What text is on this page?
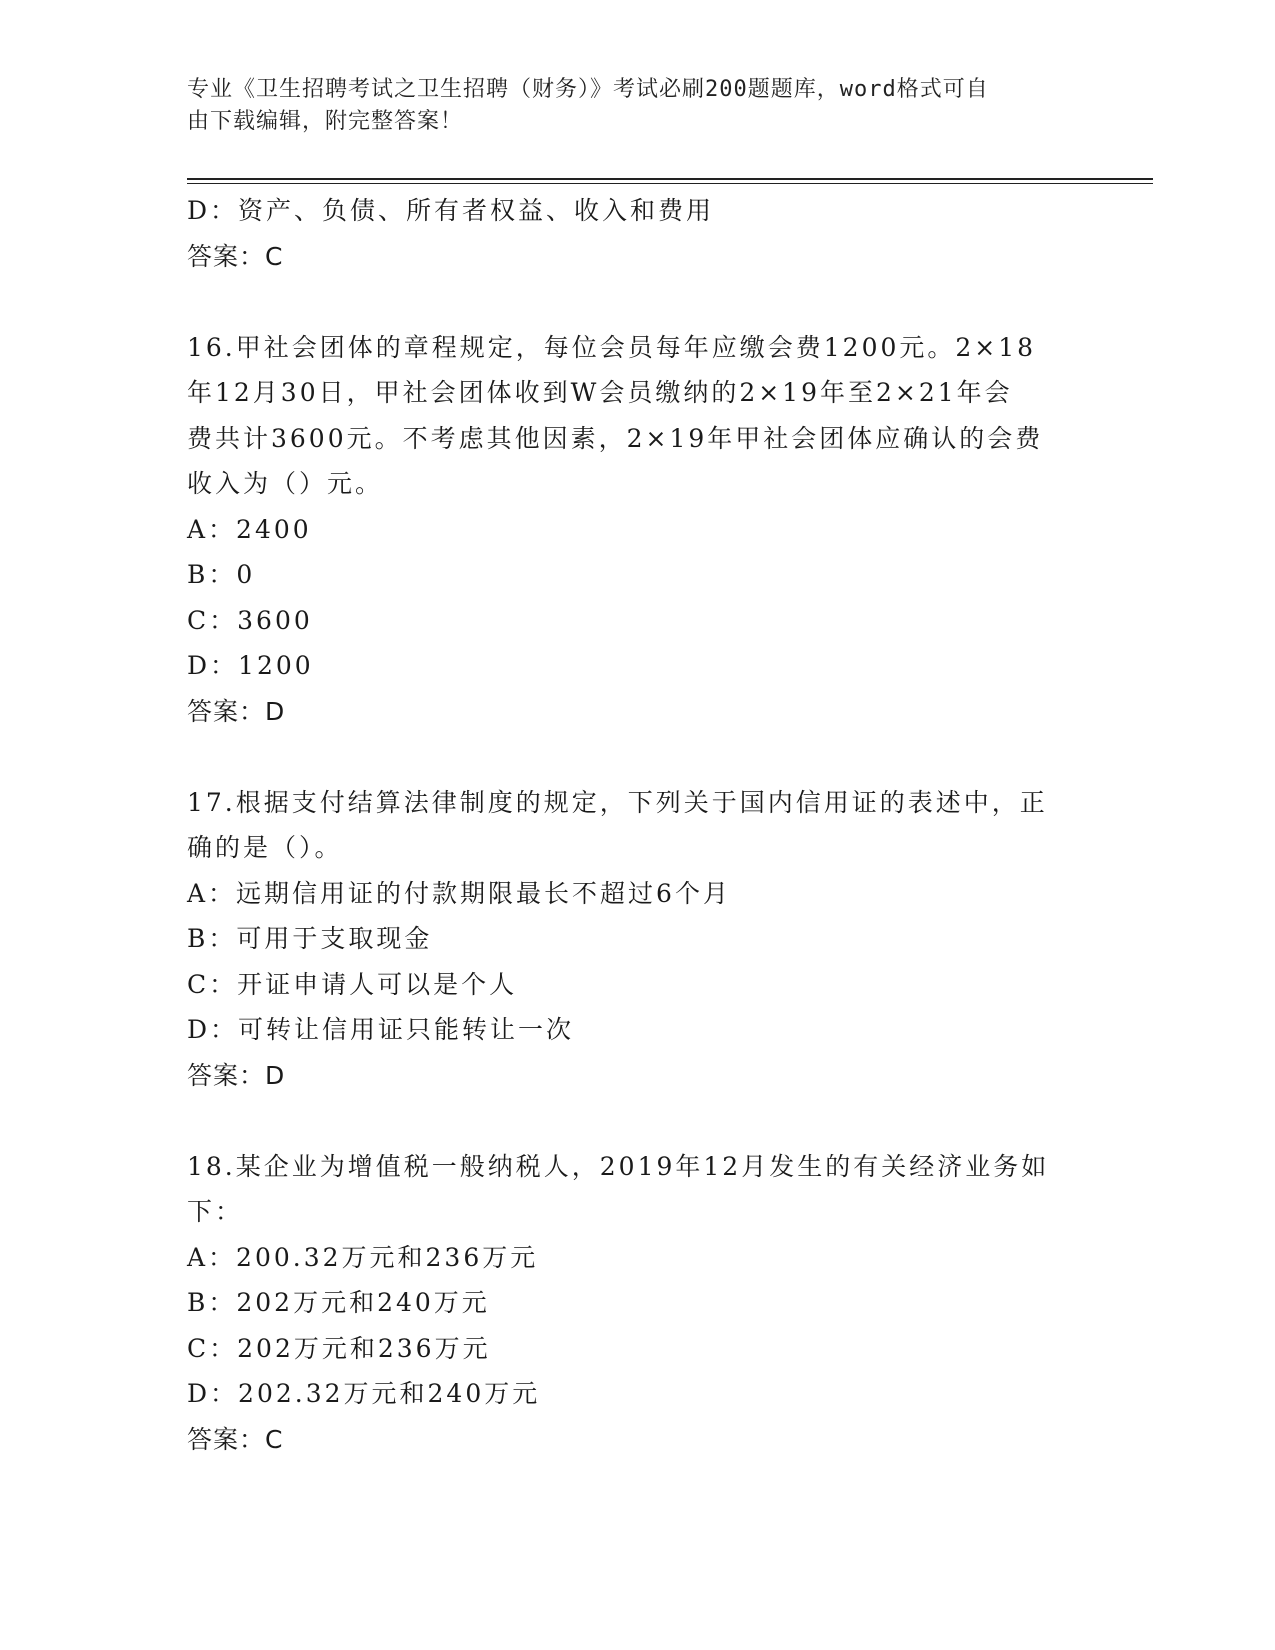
专业《卫生招聘考试之卫生招聘（财务）》考试必刷200题题库，word格式可自
由下载编辑，附完整答案！
D：资产、负债、所有者权益、收入和费用
答案：C
16.甲社会团体的章程规定，每位会员每年应缴会费1200元。2×18
年12月30日，甲社会团体收到W会员缴纳的2×19年至2×21年会
费共计3600元。不考虑其他因素，2×19年甲社会团体应确认的会费
收入为（）元。
A：2400
B：0
C：3600
D：1200
答案：D
17.根据支付结算法律制度的规定，下列关于国内信用证的表述中，正
确的是（）。
A：远期信用证的付款期限最长不超过6个月
B：可用于支取现金
C：开证申请人可以是个人
D：可转让信用证只能转让一次
答案：D
18.某企业为增值税一般纳税人，2019年12月发生的有关经济业务如
下：
A：200.32万元和236万元
B：202万元和240万元
C：202万元和236万元
D：202.32万元和240万元
答案：C
